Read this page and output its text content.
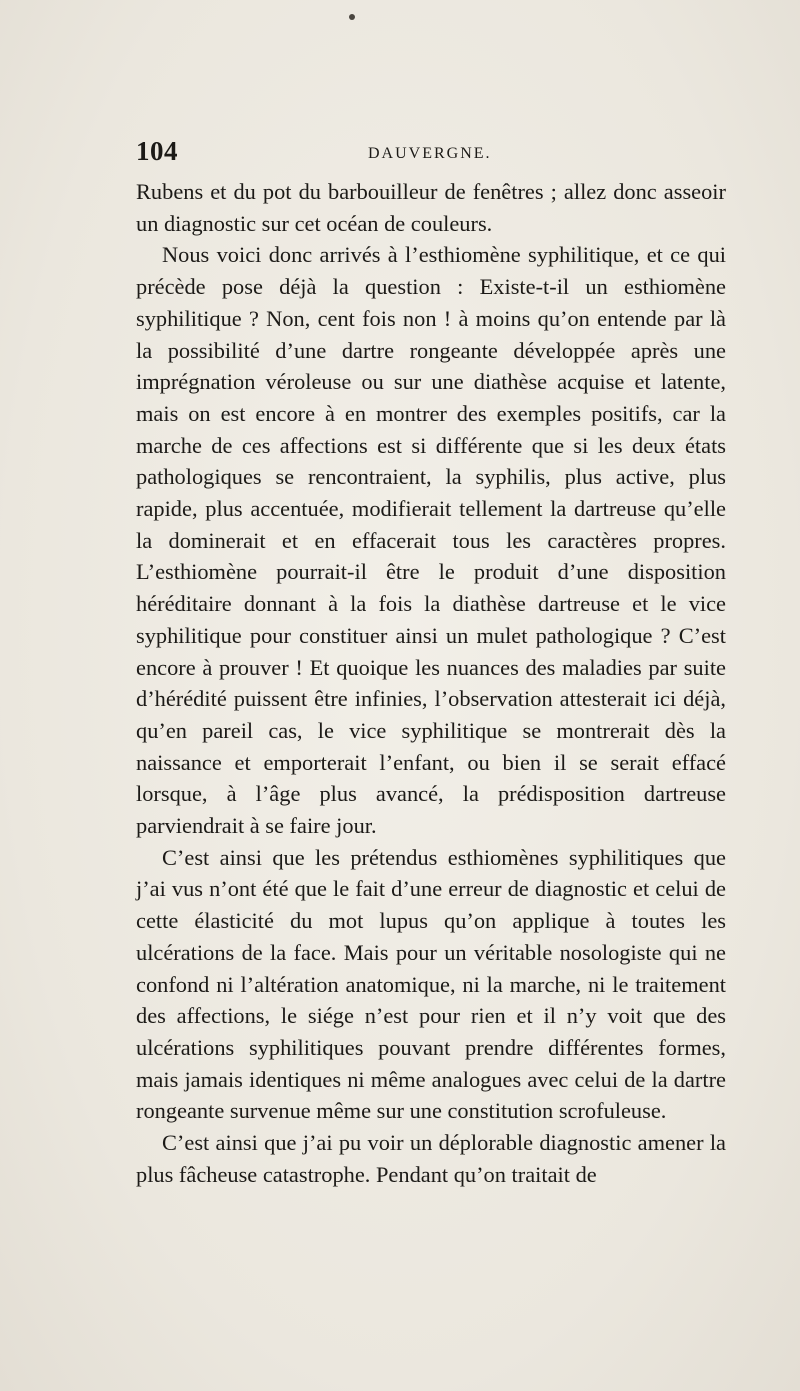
104	DAUVERGNE.

Rubens et du pot du barbouilleur de fenêtres ; allez donc asseoir un diagnostic sur cet océan de couleurs.

Nous voici donc arrivés à l’esthiomène syphilitique, et ce qui précède pose déjà la question : Existe-t-il un esthiomène syphilitique ? Non, cent fois non ! à moins qu’on entende par là la possibilité d’une dartre rongeante développée après une imprégnation véroleuse ou sur une diathèse acquise et latente, mais on est encore à en montrer des exemples positifs, car la marche de ces affections est si différente que si les deux états pathologiques se rencontraient, la syphilis, plus active, plus rapide, plus accentuée, modifierait tellement la dartreuse qu’elle la dominerait et en effacerait tous les caractères propres. L’esthiomène pourrait-il être le produit d’une disposition héréditaire donnant à la fois la diathèse dartreuse et le vice syphilitique pour constituer ainsi un mulet pathologique ? C’est encore à prouver ! Et quoique les nuances des maladies par suite d’hérédité puissent être infinies, l’observation attesterait ici déjà, qu’en pareil cas, le vice syphilitique se montrerait dès la naissance et emporterait l’enfant, ou bien il se serait effacé lorsque, à l’âge plus avancé, la prédisposition dartreuse parviendrait à se faire jour.

C’est ainsi que les prétendus esthiomènes syphilitiques que j’ai vus n’ont été que le fait d’une erreur de diagnostic et celui de cette élasticité du mot lupus qu’on applique à toutes les ulcérations de la face. Mais pour un véritable nosologiste qui ne confond ni l’altération anatomique, ni la marche, ni le traitement des affections, le siége n’est pour rien et il n’y voit que des ulcérations syphilitiques pouvant prendre différentes formes, mais jamais identiques ni même analogues avec celui de la dartre rongeante survenue même sur une constitution scrofuleuse.

C’est ainsi que j’ai pu voir un déplorable diagnostic amener la plus fâcheuse catastrophe. Pendant qu’on traitait de
